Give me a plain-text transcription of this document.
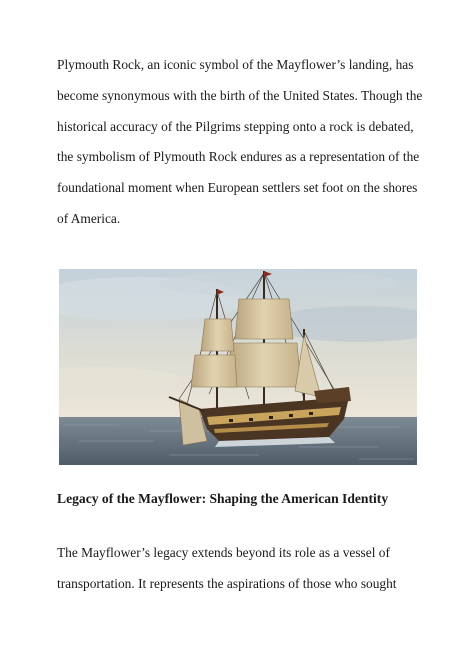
Plymouth Rock, an iconic symbol of the Mayflower’s landing, has
become synonymous with the birth of the United States. Though the
historical accuracy of the Pilgrims stepping onto a rock is debated,
the symbolism of Plymouth Rock endures as a representation of the
foundational moment when European settlers set foot on the shores
of America.

Legacy of the Mayflower: Shaping the American Identity

The Mayflower’s legacy extends beyond its role as a vessel of
transportation. It represents the aspirations of those who sought
